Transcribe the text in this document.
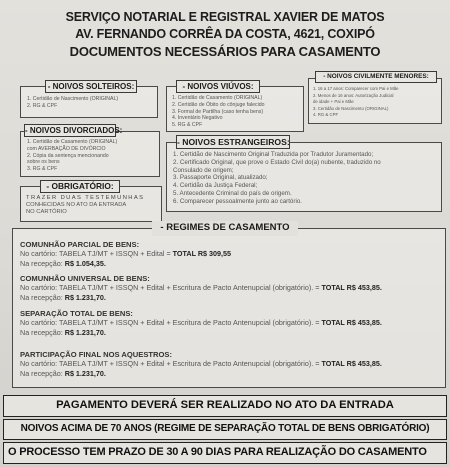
SERVIÇO NOTARIAL E REGISTRAL XAVIER DE MATOS
AV. FERNANDO CORRÊA DA COSTA, 4621, COXIPÓ
DOCUMENTOS NECESSÁRIOS PARA CASAMENTO
- NOIVOS SOLTEIROS:
1. Certidão de Nascimento (ORIGINAL)
2. RG & CPF
- NOIVOS VIÚVOS:
1. Certidão de Casamento (ORIGINAL)
2. Certidão de Óbito do cônjuge falecido
3. Formal de Partilha (caso tenha bens)
4. Inventário Negativo
5. RG & CPF
- NOIVOS CIVILMENTE MENORES:
1. 16 a 17 anos: Comparecer com Pai e Mãe
2. Menos de 16 anos: Autorização Judicial
de idade + Pai e Mãe
3. Certidão de Nascimento (ORIGINAL)
4. RG & CPF
- NOIVOS DIVORCIADOS:
1. Certidão de Casamento (ORIGINAL)
com AVERBAÇÃO DE DIVÓRCIO
2. Cópia da sentença mencionando
sobre os bens
3. RG & CPF
- NOIVOS ESTRANGEIROS:
1. Certidão de Nascimento Original Traduzida por Tradutor Juramentado;
2. Certificado Original, que prove o Estado Civil do(a) nubente, traduzido no
Consulado de origem;
3. Passaporte Original, atualizado;
4. Certidão da Justiça Federal;
5. Antecedente Criminal do país de origem.
6. Comparecer pessoalmente junto ao cartório.
- OBRIGATÓRIO:
TRAZER DUAS TESTEMUNHAS
CONHECIDAS NO ATO DA ENTRADA
NO CARTÓRIO
- REGIMES DE CASAMENTO
COMUNHÃO PARCIAL DE BENS:
No cartório: TABELA TJ/MT + ISSQN + Edital = TOTAL R$ 309,55
Na recepção: R$ 1.054,35.
COMUNHÃO UNIVERSAL DE BENS:
No cartório: TABELA TJ/MT + ISSQN + Edital + Escritura de Pacto Antenupcial (obrigatório). = TOTAL R$ 453,85.
Na recepção: R$ 1.231,70.
SEPARAÇÃO TOTAL DE BENS:
No cartório: TABELA TJ/MT + ISSQN + Edital + Escritura de Pacto Antenupcial (obrigatório). = TOTAL R$ 453,85.
Na recepção: R$ 1.231,70.
PARTICIPAÇÃO FINAL NOS AQUESTROS:
No cartório: TABELA TJ/MT + ISSQN + Edital + Escritura de Pacto Antenupcial (obrigatório). = TOTAL R$ 453,85.
Na recepção: R$ 1.231,70.
PAGAMENTO DEVERÁ SER REALIZADO NO ATO DA ENTRADA
NOIVOS ACIMA DE 70 ANOS (REGIME DE SEPARAÇÃO TOTAL DE BENS OBRIGATÓRIO)
O PROCESSO TEM PRAZO DE 30 A 90 DIAS PARA REALIZAÇÃO DO CASAMENTO
